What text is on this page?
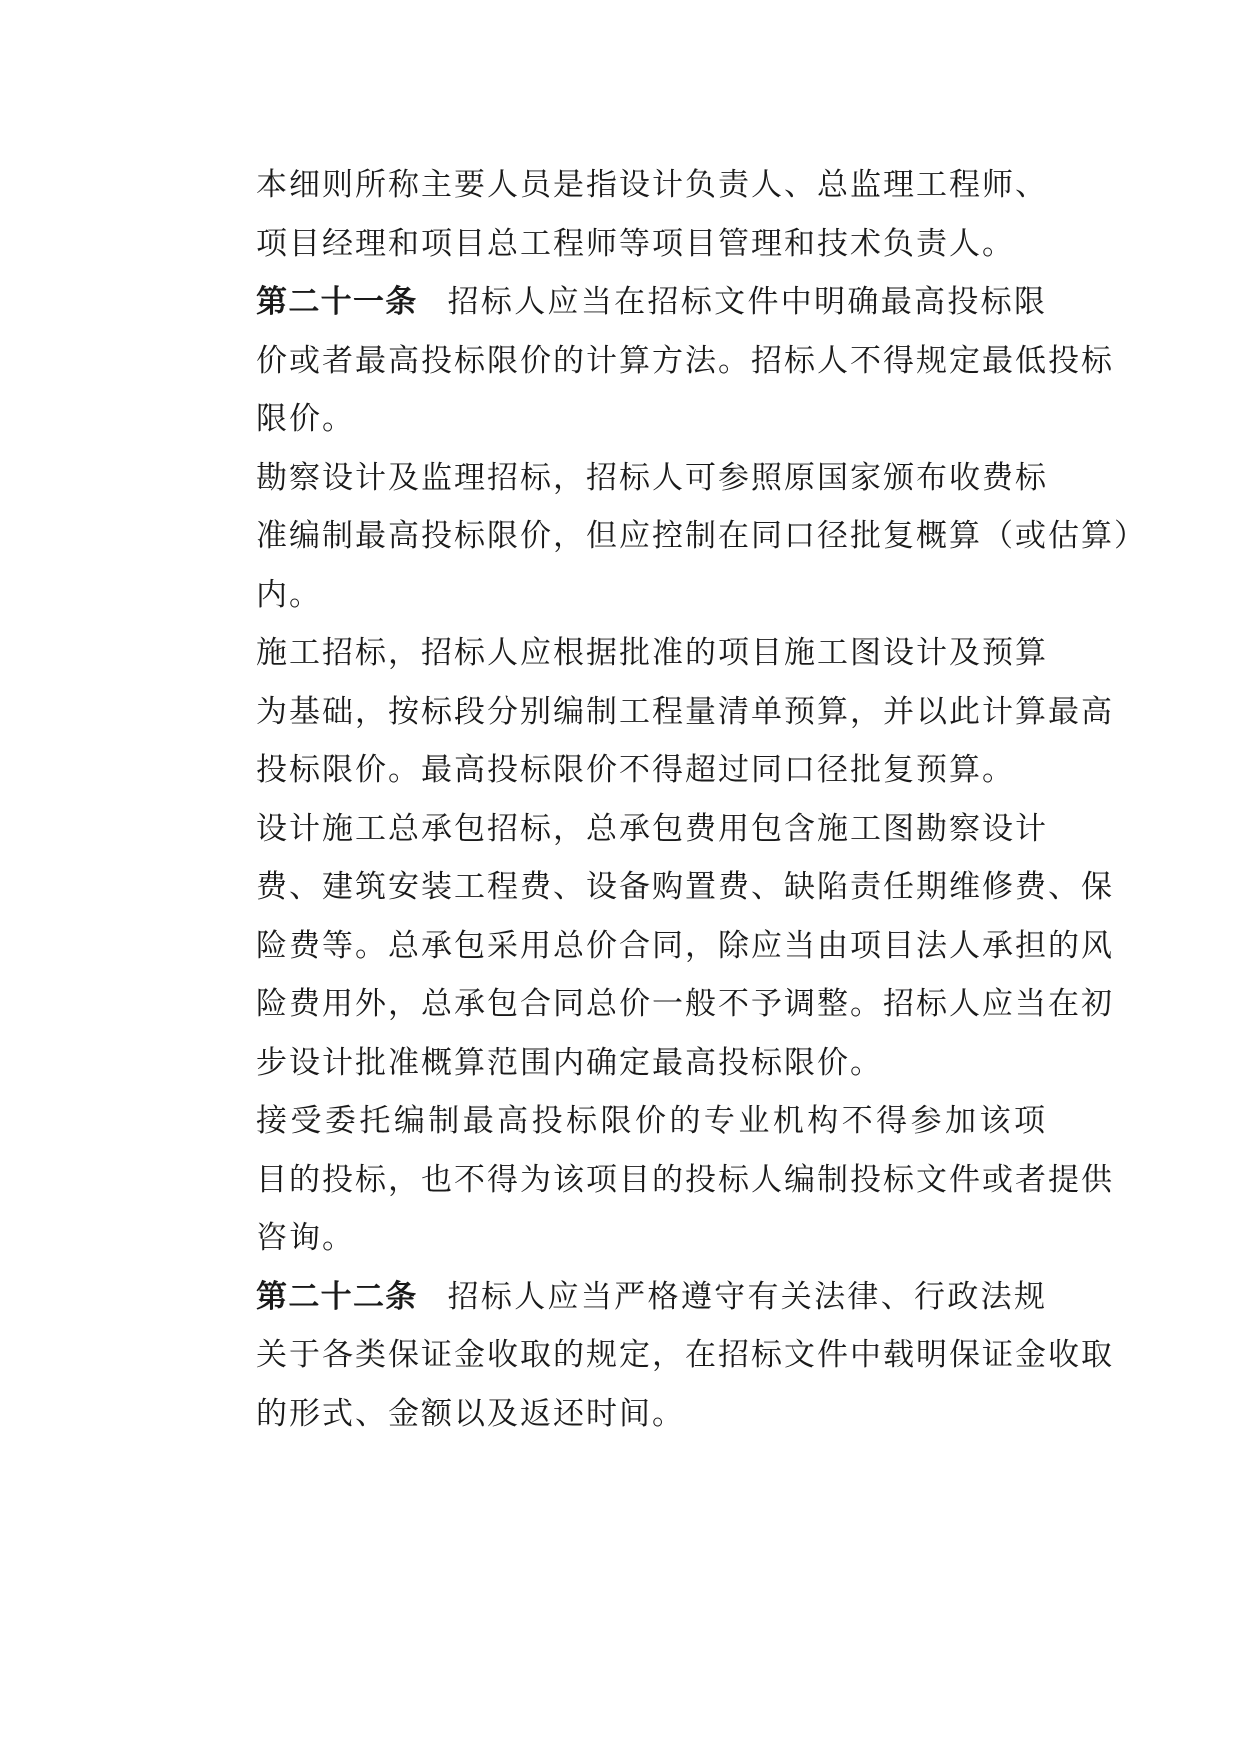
本细则所称主要人员是指设计负责人、总监理工程师、
项目经理和项目总工程师等项目管理和技术负责人。
第二十一条 招标人应当在招标文件中明确最高投标限
价或者最高投标限价的计算方法。招标人不得规定最低投标
限价。
勘察设计及监理招标，招标人可参照原国家颁布收费标
准编制最高投标限价，但应控制在同口径批复概算（或估算）
内。
施工招标，招标人应根据批准的项目施工图设计及预算
为基础，按标段分别编制工程量清单预算，并以此计算最高
投标限价。最高投标限价不得超过同口径批复预算。
设计施工总承包招标，总承包费用包含施工图勘察设计
费、建筑安装工程费、设备购置费、缺陷责任期维修费、保
险费等。总承包采用总价合同，除应当由项目法人承担的风
险费用外，总承包合同总价一般不予调整。招标人应当在初
步设计批准概算范围内确定最高投标限价。
接受委托编制最高投标限价的专业机构不得参加该项
目的投标，也不得为该项目的投标人编制投标文件或者提供
咨询。
第二十二条 招标人应当严格遵守有关法律、行政法规
关于各类保证金收取的规定，在招标文件中载明保证金收取
的形式、金额以及返还时间。
